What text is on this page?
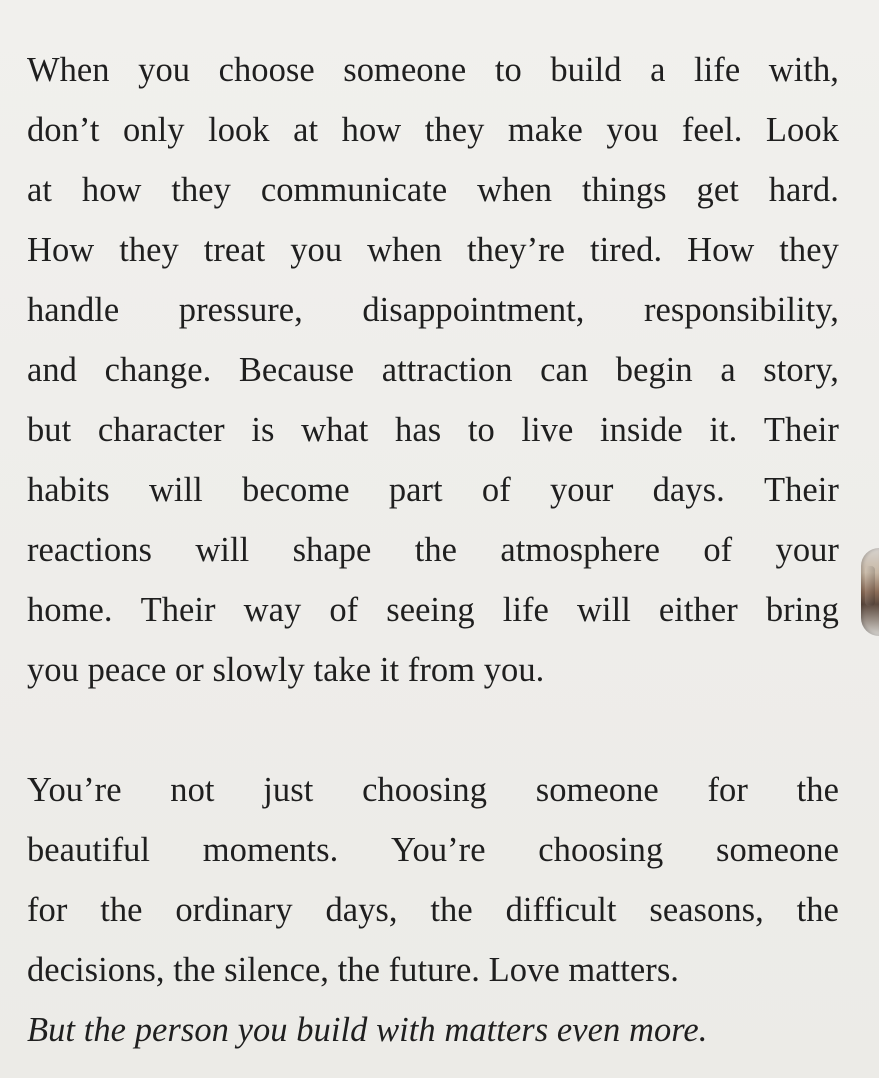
When you choose someone to build a life with,
don’t only look at how they make you feel. Look
at how they communicate when things get hard.
How they treat you when they’re tired. How they
handle pressure, disappointment, responsibility,
and change. Because attraction can begin a story,
but character is what has to live inside it. Their
habits will become part of your days. Their
reactions will shape the atmosphere of your
home. Their way of seeing life will either bring
you peace or slowly take it from you.
You’re not just choosing someone for the
beautiful moments. You’re choosing someone
for the ordinary days, the difficult seasons, the
decisions, the silence, the future. Love matters.
But the person you build with matters even more.
